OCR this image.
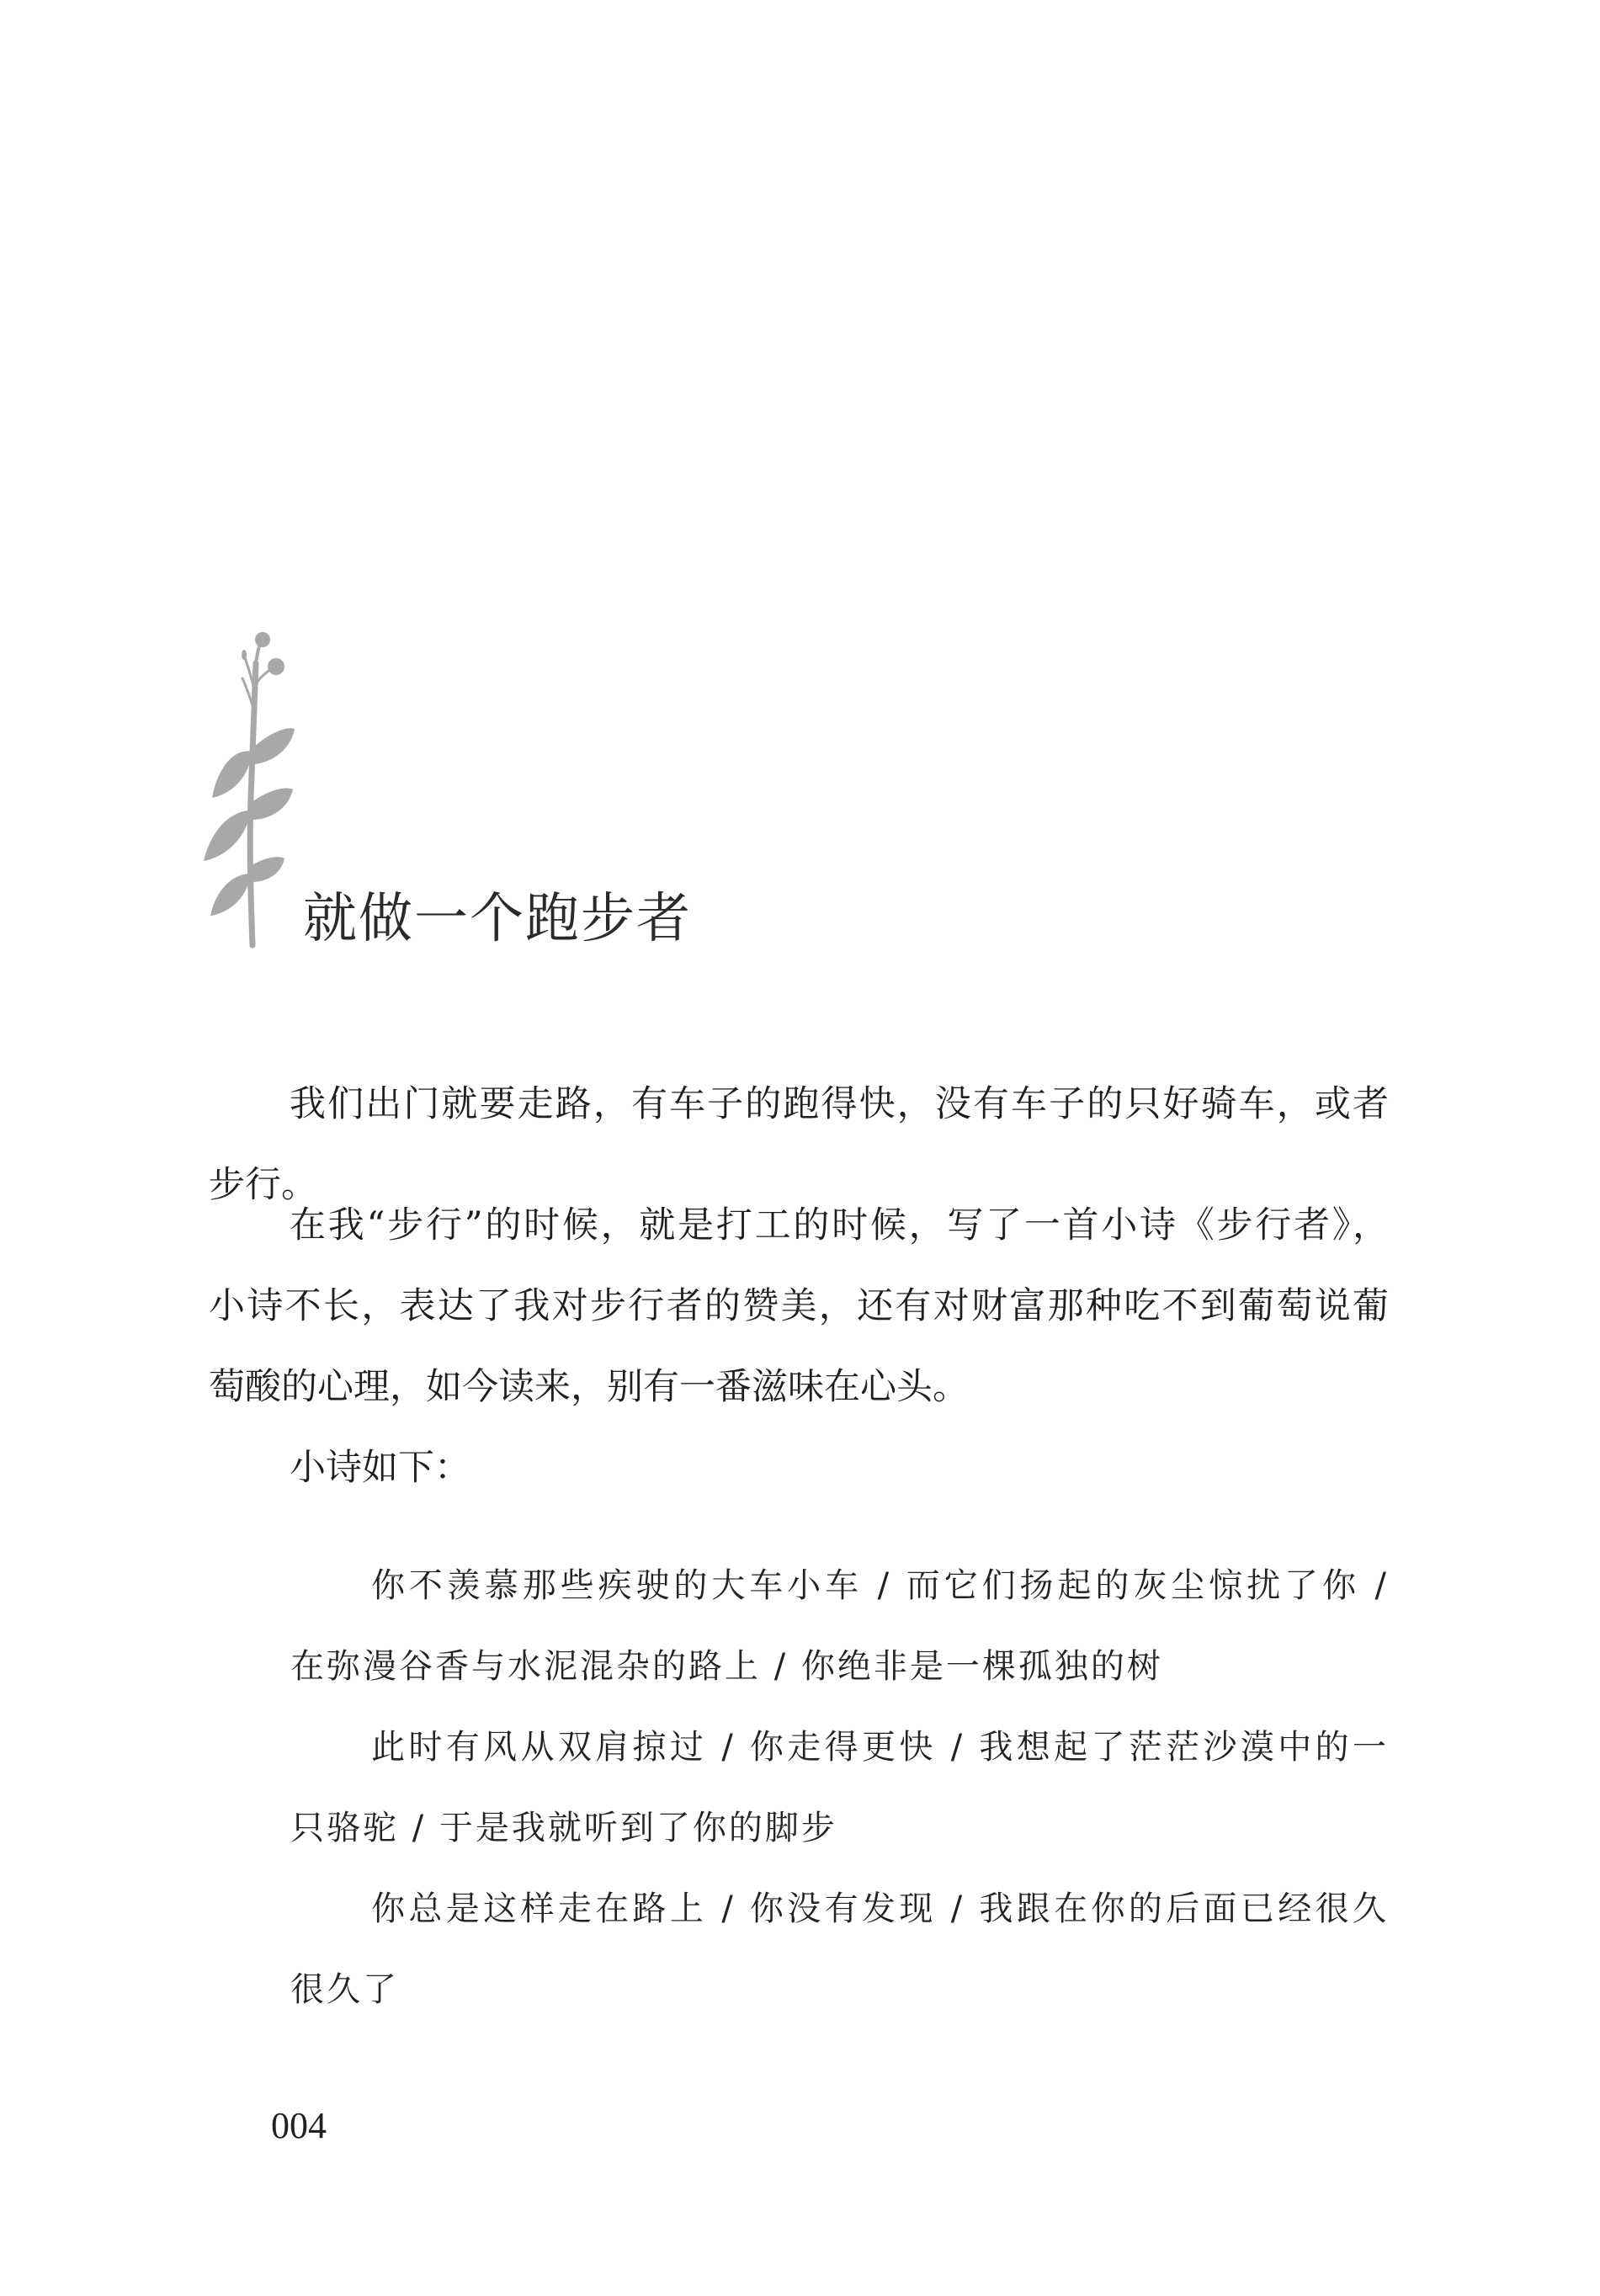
就做一个跑步者
我们出门就要走路，有车子的跑得快，没有车子的只好骑车，或者
步行。
在我“步行”的时候，就是打工的时候，写了一首小诗《步行者》，
小诗不长，表达了我对步行者的赞美，还有对财富那种吃不到葡萄说葡
萄酸的心理，如今读来，别有一番滋味在心头。
小诗如下：
你不羡慕那些疾驶的大车小车 / 而它们扬起的灰尘惊扰了你 /
在弥漫谷香与水泥混杂的路上 / 你绝非是一棵孤独的树
此时有风从双肩掠过 / 你走得更快 / 我想起了茫茫沙漠中的一
只骆驼 / 于是我就听到了你的脚步
你总是这样走在路上 / 你没有发现 / 我跟在你的后面已经很久
很久了
004
